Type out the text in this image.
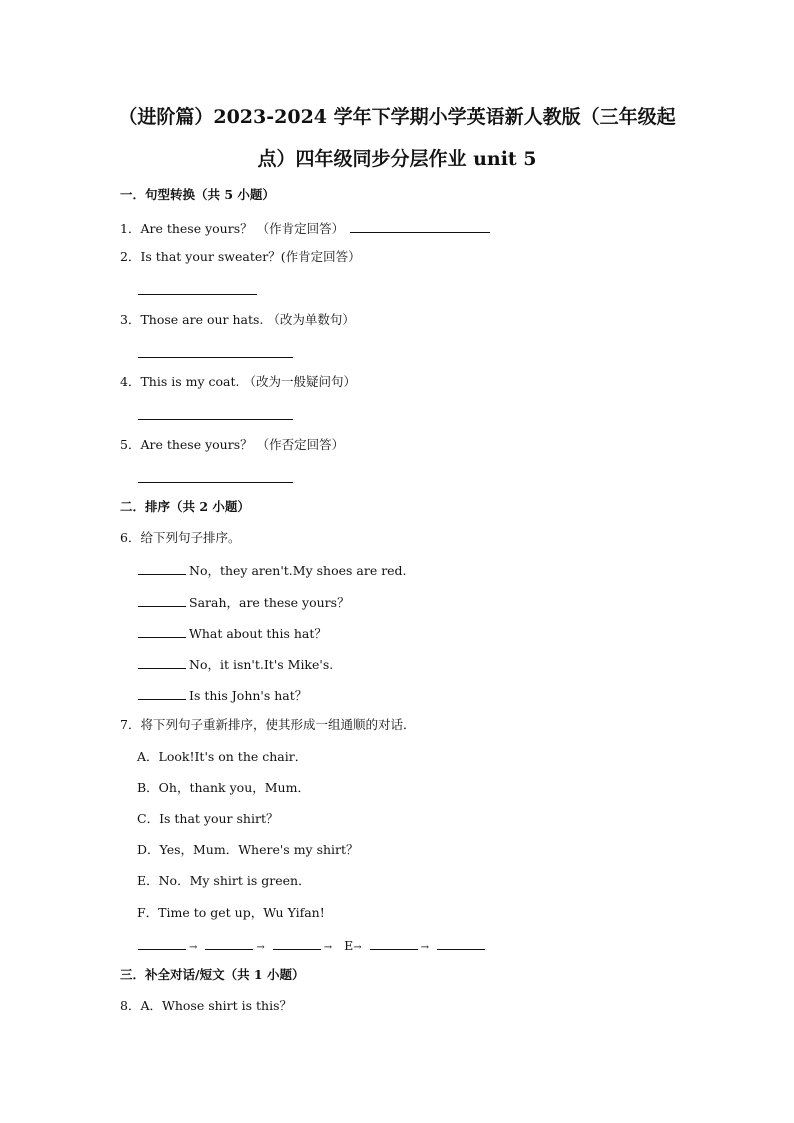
（进阶篇）2023-2024 学年下学期小学英语新人教版（三年级起
点）四年级同步分层作业 unit 5
一．句型转换（共 5 小题）
1．Are these yours？ （作肯定回答）
2．Is that your sweater？(作肯定回答）
3．Those are our hats. （改为单数句）
4．This is my coat. （改为一般疑问句）
5．Are these yours？ （作否定回答）
二．排序（共 2 小题）
6．给下列句子排序。
No，they aren't.My shoes are red.
Sarah，are these yours？
What about this hat？
No，it isn't.It's Mike's.
Is this John's hat？
7．将下列句子重新排序，使其形成一组通顺的对话．
A．Look!It's on the chair．
B．Oh，thank you，Mum．
C．Is that your shirt？
D．Yes，Mum．Where's my shirt？
E．No．My shirt is green．
F．Time to get up，Wu Yifan!
→	→	→ E→	→
三．补全对话/短文（共 1 小题）
8．A．Whose shirt is this？
